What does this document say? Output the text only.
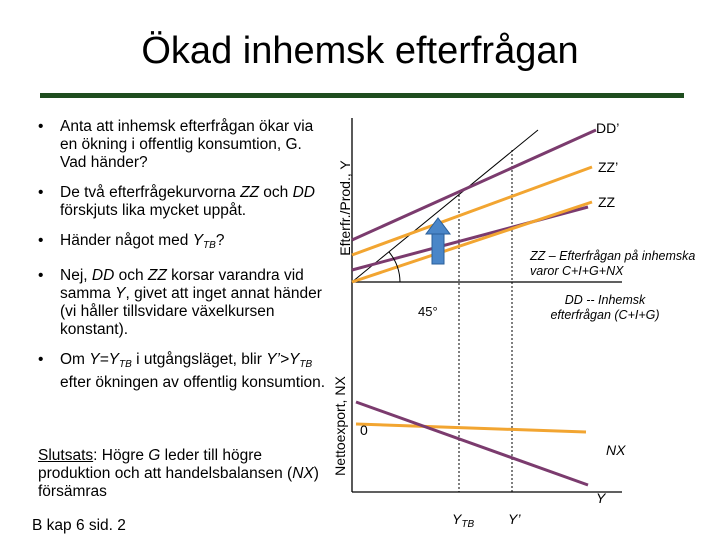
Ökad inhemsk efterfrågan
• Anta att inhemsk efterfrågan ökar via en ökning i offentlig konsumtion, G. Vad händer?
• De två efterfrågekurvorna ZZ och DD förskjuts lika mycket uppåt.
• Händer något med $Y_{TB}$?
• Nej, DD och ZZ korsar varandra vid samma Y, givet att inget annat händer (vi håller tillsvidare växelkursen konstant).
• Om $Y=Y_{TB}$ i utgångsläget, blir $Y’>Y_{TB}$ efter ökningen av offentlig konsumtion.
Slutsats: Högre G leder till högre produktion och att handelsbalansen (NX) försämras
B kap 6 sid. 2
Efterfr./Prod., Y
Nettoexport, NX
DD’
ZZ’
ZZ
ZZ – Efterfrågan på inhemska varor C+I+G+NX
DD -- Inhemsk efterfrågan (C+I+G)
45°
0
NX
Y
$Y_{TB}$ Y’
